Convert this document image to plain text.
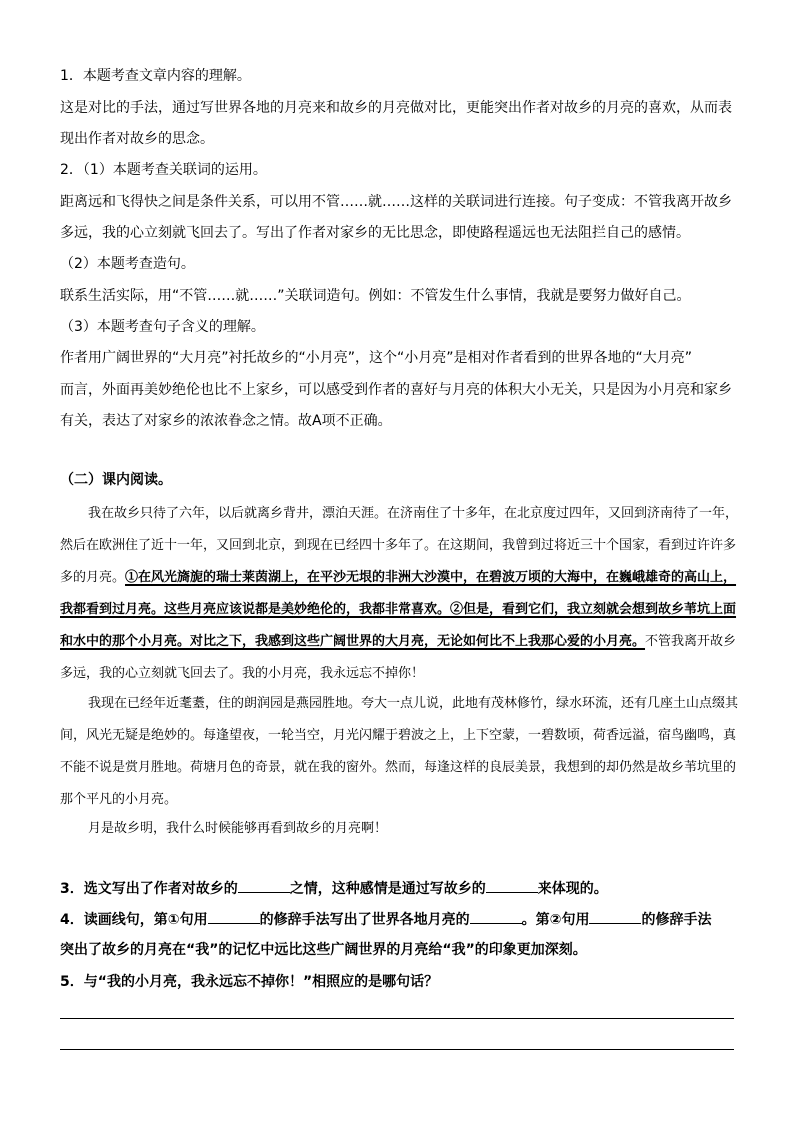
1．本题考查文章内容的理解。
这是对比的手法，通过写世界各地的月亮来和故乡的月亮做对比，更能突出作者对故乡的月亮的喜欢，从而表
现出作者对故乡的思念。
2．（1）本题考查关联词的运用。
距离远和飞得快之间是条件关系，可以用不管……就……这样的关联词进行连接。句子变成：不管我离开故乡
多远，我的心立刻就飞回去了。写出了作者对家乡的无比思念，即使路程遥远也无法阻拦自己的感情。
（2）本题考查造句。
联系生活实际，用“不管……就……”关联词造句。例如：不管发生什么事情，我就是要努力做好自己。
（3）本题考查句子含义的理解。
作者用广阔世界的“大月亮”衬托故乡的“小月亮”，这个“小月亮”是相对作者看到的世界各地的“大月亮”
而言，外面再美妙绝伦也比不上家乡，可以感受到作者的喜好与月亮的体积大小无关，只是因为小月亮和家乡
有关，表达了对家乡的浓浓眷念之情。故A项不正确。
（二）课内阅读。
我在故乡只待了六年，以后就离乡背井，漂泊天涯。在济南住了十多年，在北京度过四年，又回到济南待了一年，然后在欧洲住了近十一年，又回到北京，到现在已经四十多年了。在这期间，我曾到过将近三十个国家，看到过许许多多的月亮。①在风光旖旎的瑞士莱茵湖上，在平沙无垠的非洲大沙漠中，在碧波万顷的大海中，在巍峨雄奇的高山上，我都看到过月亮。这些月亮应该说都是美妙绝伦的，我都非常喜欢。②但是，看到它们，我立刻就会想到故乡苇坑上面和水中的那个小月亮。对比之下，我感到这些广阔世界的大月亮，无论如何比不上我那心爱的小月亮。不管我离开故乡多远，我的心立刻就飞回去了。我的小月亮，我永远忘不掉你！
我现在已经年近耄耋，住的朗润园是燕园胜地。夸大一点儿说，此地有茂林修竹，绿水环流，还有几座土山点缀其间，风光无疑是绝妙的。每逢望夜，一轮当空，月光闪耀于碧波之上，上下空蒙，一碧数顷，荷香远溢，宿鸟幽鸣，真不能不说是赏月胜地。荷塘月色的奇景，就在我的窗外。然而，每逢这样的良辰美景，我想到的却仍然是故乡苇坑里的那个平凡的小月亮。
月是故乡明，我什么时候能够再看到故乡的月亮啊！
3．选文写出了作者对故乡的	之情，这种感情是通过写故乡的	来体现的。
4．读画线句，第①句用	的修辞手法写出了世界各地月亮的	。第②句用	的修辞手法
突出了故乡的月亮在“我”的记忆中远比这些广阔世界的月亮给“我”的印象更加深刻。
5．与“我的小月亮，我永远忘不掉你！”相照应的是哪句话？
